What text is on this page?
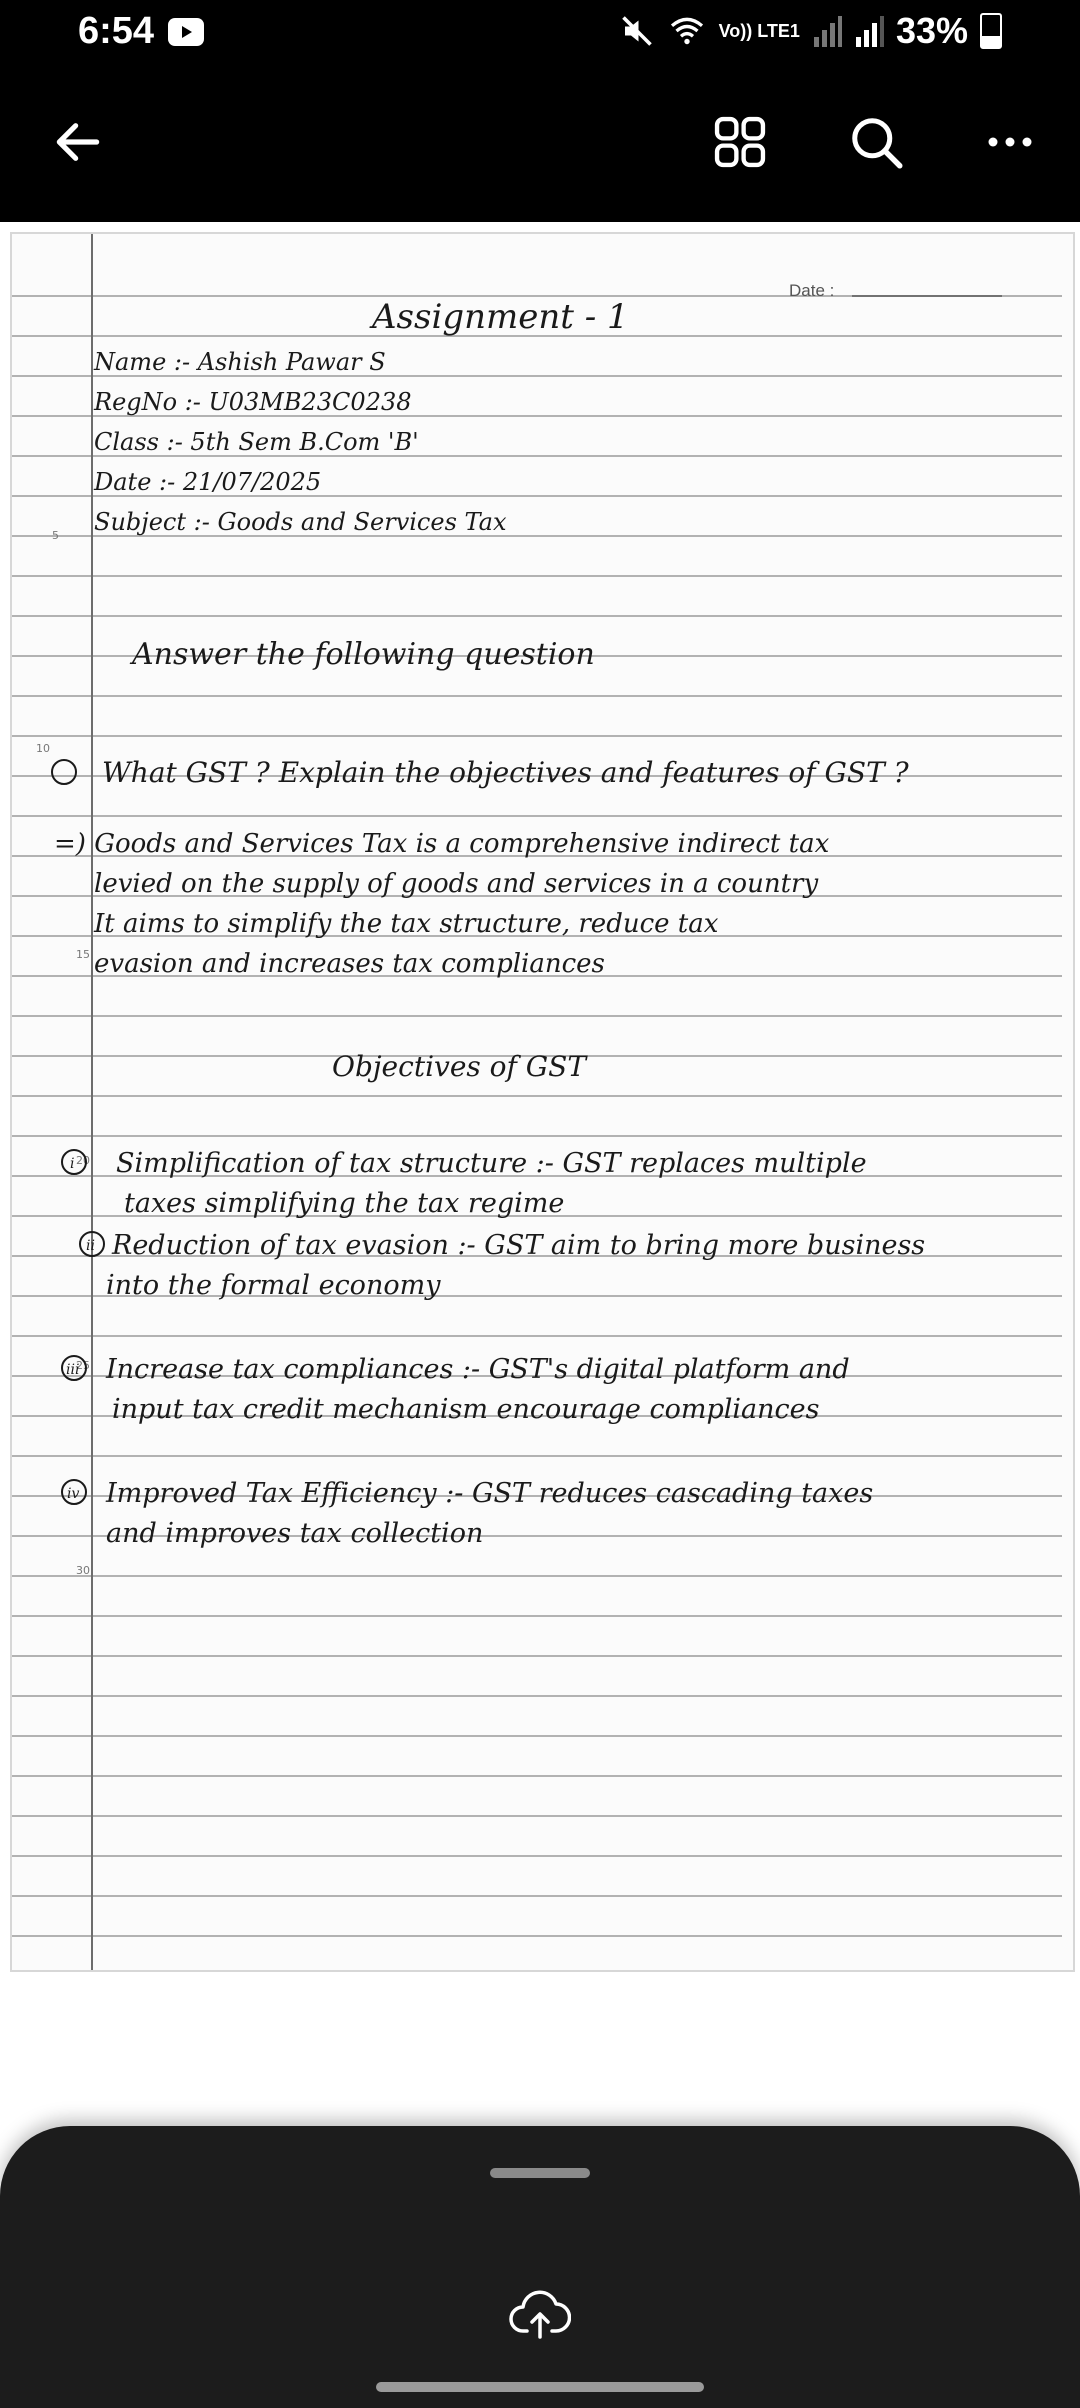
6:54	Vo)) LTE1	33%
5
10
15
20
25
30
Date :
Assignment - 1
Name :- Ashish Pawar S
RegNo :- U03MB23C0238
Class :- 5th Sem B.Com 'B'
Date :- 21/07/2025
Subject :- Goods and Services Tax
Answer the following question
What GST ? Explain the objectives and features of GST ?
=) Goods and Services Tax is a comprehensive indirect tax
levied on the supply of goods and services in a country
It aims to simplify the tax structure, reduce tax
evasion and increases tax compliances
Objectives of GST
i Simplification of tax structure :- GST replaces multiple
taxes simplifying the tax regime
ii Reduction of tax evasion :- GST aim to bring more business
into the formal economy
iii Increase tax compliances :- GST's digital platform and
input tax credit mechanism encourage compliances
iv Improved Tax Efficiency :- GST reduces cascading taxes
and improves tax collection
